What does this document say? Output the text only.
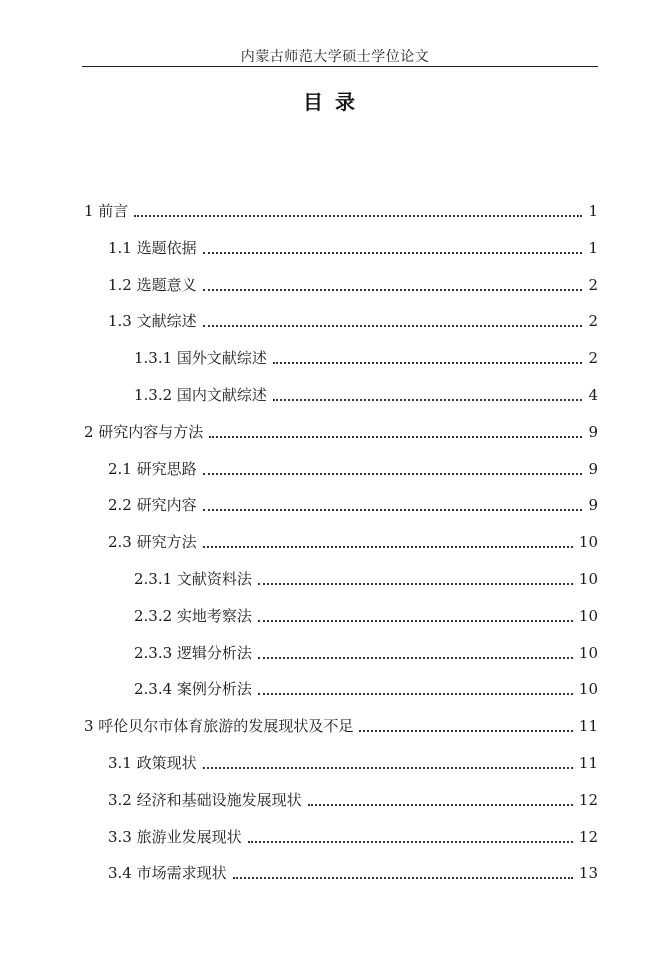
内蒙古师范大学硕士学位论文
目录
1 前言	1
1.1 选题依据	1
1.2 选题意义	2
1.3 文献综述	2
1.3.1 国外文献综述	2
1.3.2 国内文献综述	4
2 研究内容与方法	9
2.1 研究思路	9
2.2 研究内容	9
2.3 研究方法	10
2.3.1 文献资料法	10
2.3.2 实地考察法	10
2.3.3 逻辑分析法	10
2.3.4 案例分析法	10
3 呼伦贝尔市体育旅游的发展现状及不足	11
3.1 政策现状	11
3.2 经济和基础设施发展现状	12
3.3 旅游业发展现状	12
3.4 市场需求现状	13
